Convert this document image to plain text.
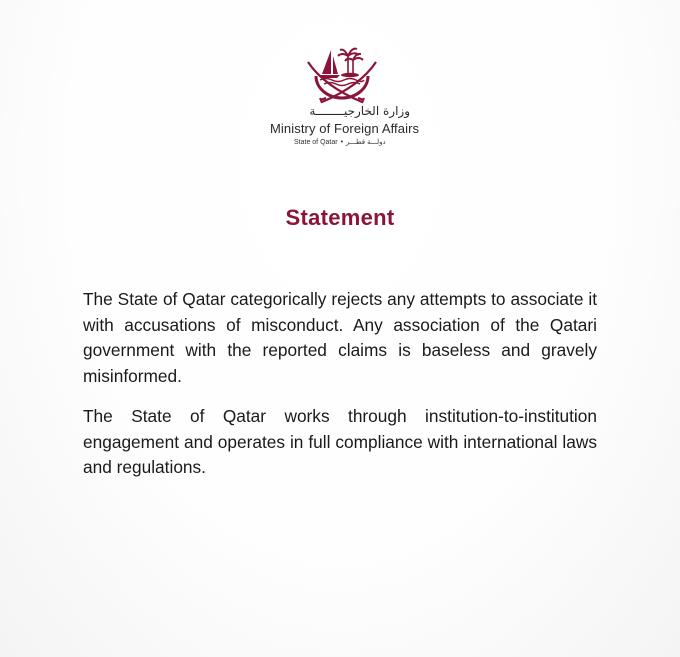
وزارة الخارجيــــــــة
Ministry of Foreign Affairs
State of Qatar • دولـــة قطـــر
Statement

The State of Qatar categorically rejects any attempts to associate it with accusations of misconduct. Any association of the Qatari government with the reported claims is baseless and gravely misinformed.

The State of Qatar works through institution-to-institution engagement and operates in full compliance with international laws and regulations.
